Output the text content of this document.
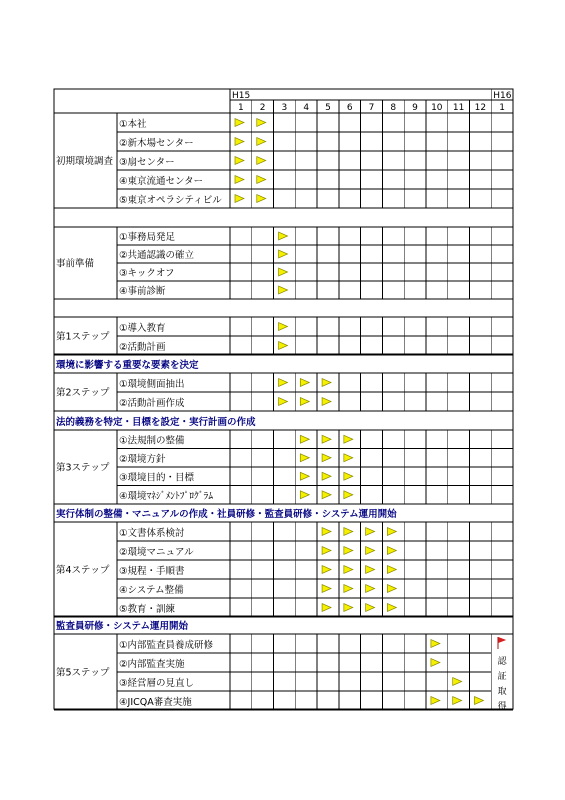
1 2 3 4 5 6 7 8 9 10 11 12 1
H15	H16
初期環境調査
①本社
②新木場センター
③扇センター
④東京流通センター
⑤東京オペラシティビル
事前準備
①事務局発足
②共通認識の確立
③キックオフ
④事前診断
第1ステップ
①導入教育
②活動計画
環境に影響する重要な要素を決定
第2ステップ
①環境側面抽出
②活動計画作成
法的義務を特定・目標を設定・実行計画の作成
第3ステップ
①法規制の整備
②環境方針
③環境目的・目標
④環境ﾏﾈｼﾞﾒﾝﾄﾌﾟﾛｸﾞﾗﾑ
実行体制の整備・マニュアルの作成・社員研修・監査員研修・システム運用開始
第4ステップ
①文書体系検討
②環境マニュアル
③規程・手順書
④システム整備
⑤教育・訓練
監査員研修・システム運用開始
第5ステップ
①内部監査員養成研修
②内部監査実施
③経営層の見直し
④JICQA審査実施
認
証
取
得
